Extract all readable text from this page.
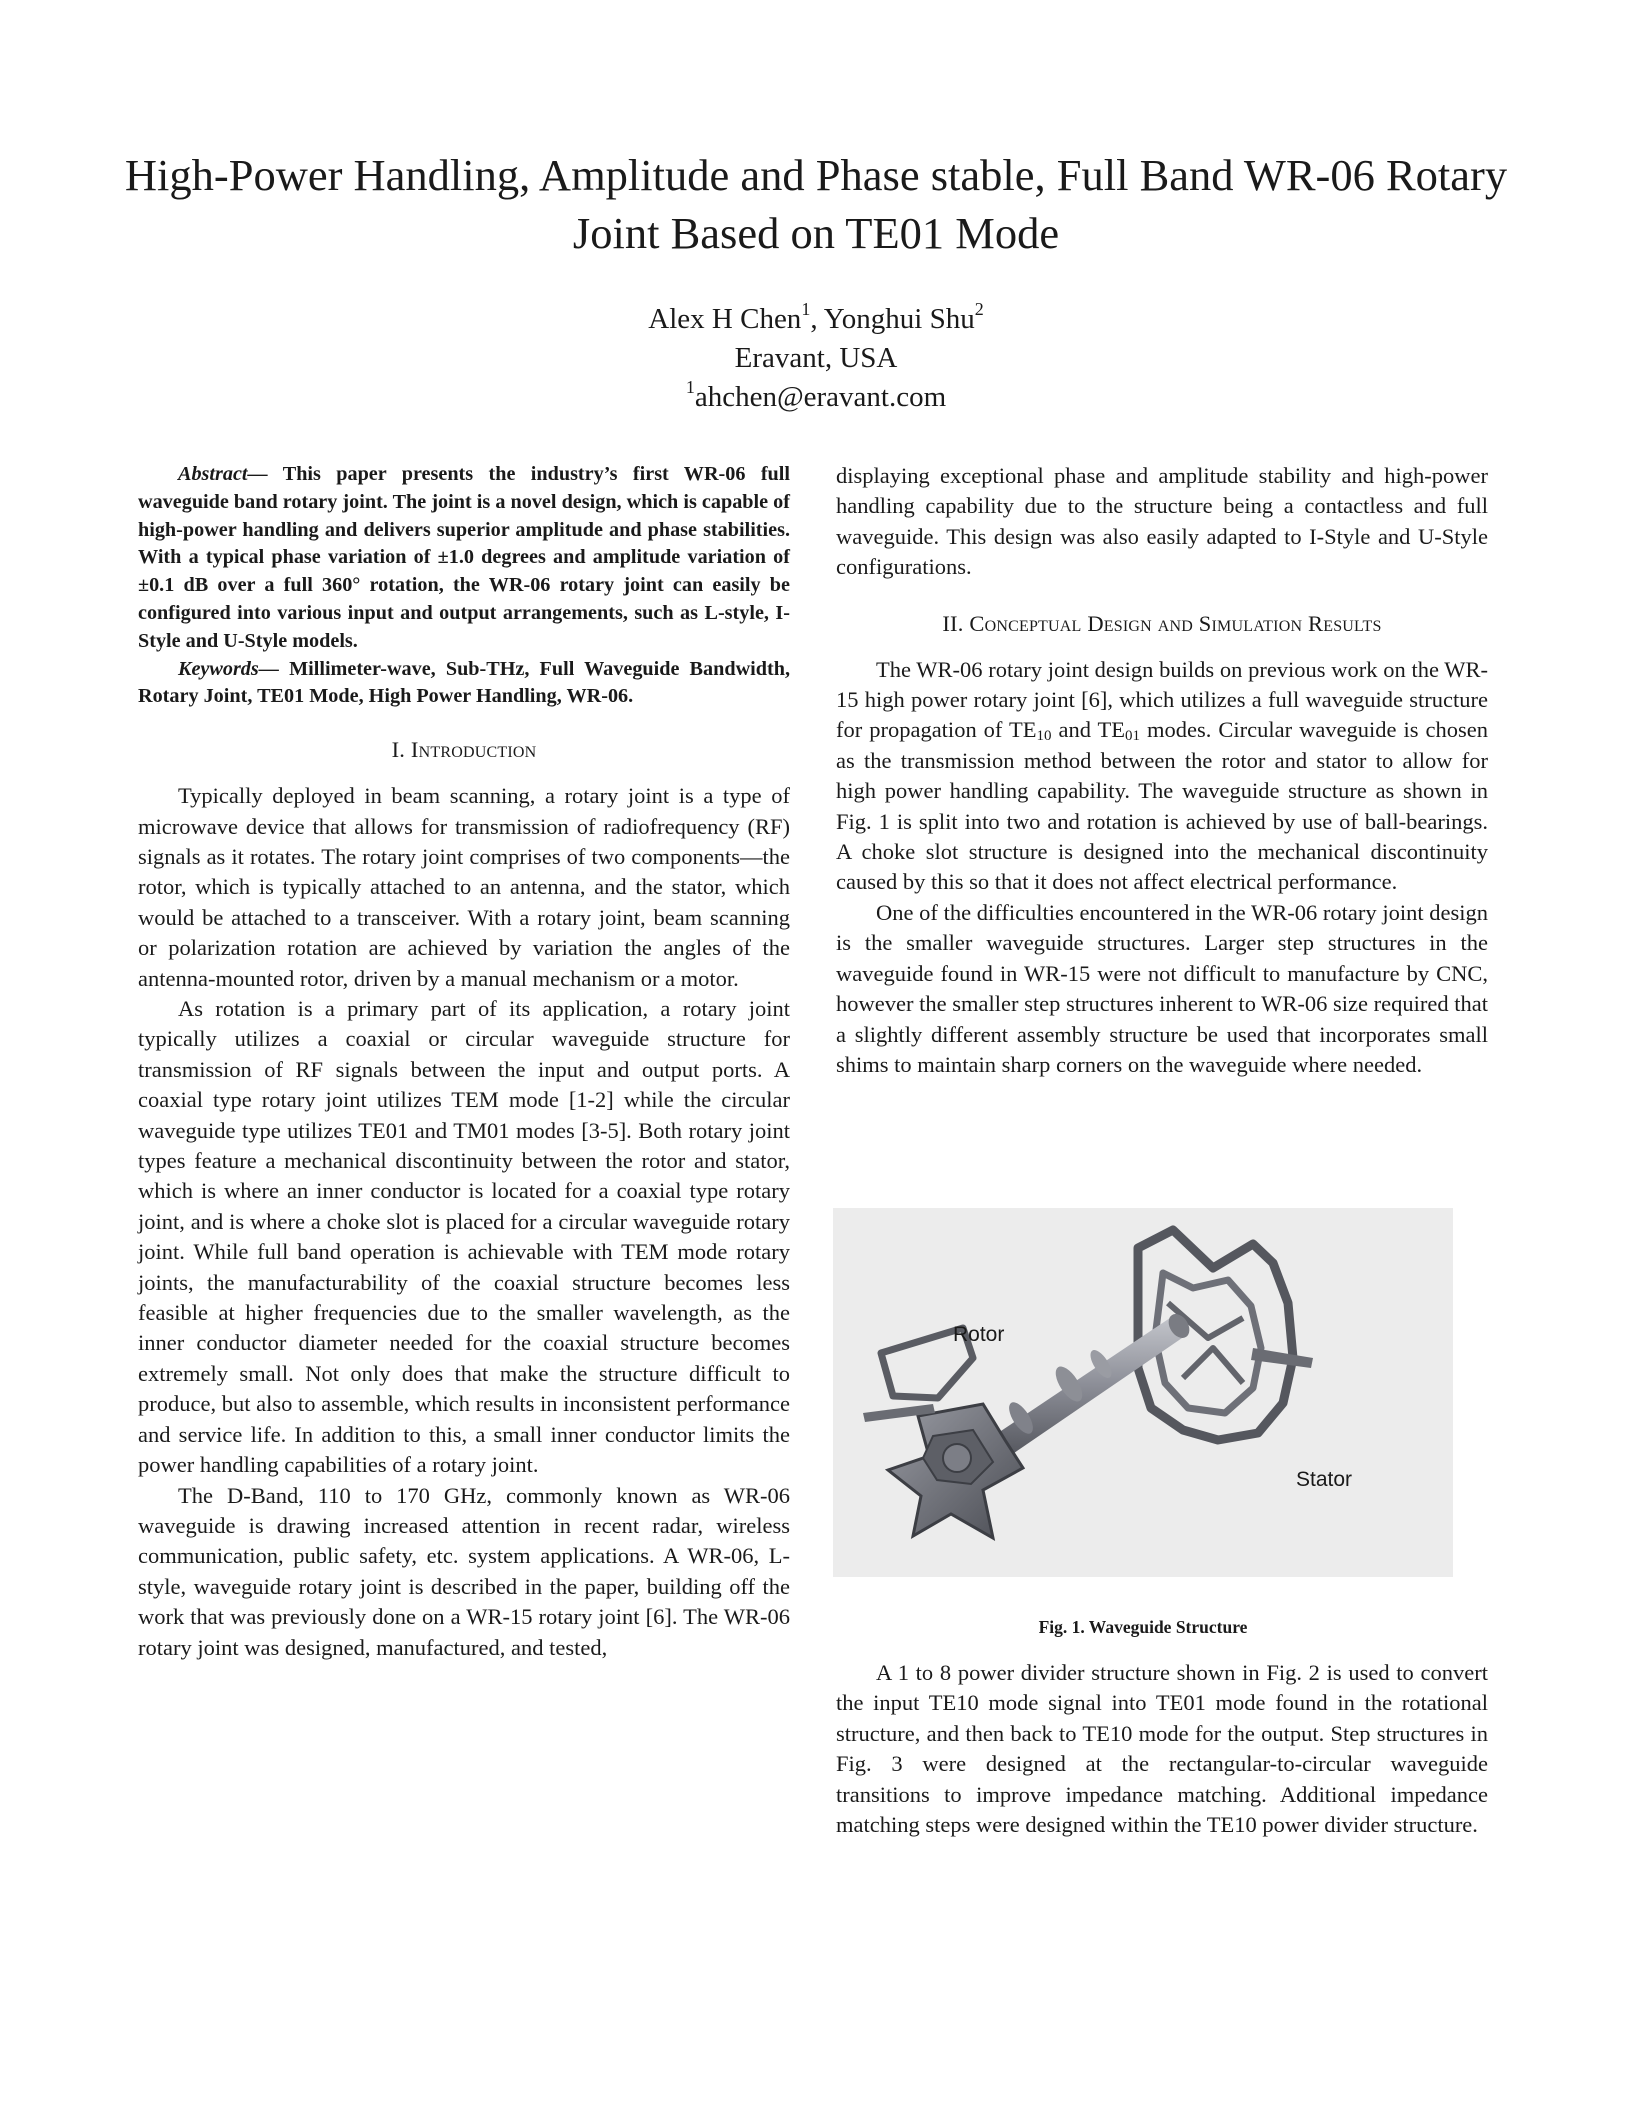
High-Power Handling, Amplitude and Phase stable, Full Band WR-06 Rotary Joint Based on TE01 Mode
Alex H Chen$^1$, Yonghui Shu$^2$
Eravant, USA
$^1$ahchen@eravant.com

Abstract— This paper presents the industry’s first WR-06 full waveguide band rotary joint. The joint is a novel design, which is capable of high-power handling and delivers superior amplitude and phase stabilities. With a typical phase variation of ±1.0 degrees and amplitude variation of ±0.1 dB over a full 360° rotation, the WR-06 rotary joint can easily be configured into various input and output arrangements, such as L-style, I-Style and U-Style models.

Keywords— Millimeter-wave, Sub-THz, Full Waveguide Bandwidth, Rotary Joint, TE01 Mode, High Power Handling, WR-06.

I. Introduction

Typically deployed in beam scanning, a rotary joint is a type of microwave device that allows for transmission of radiofrequency (RF) signals as it rotates. The rotary joint comprises of two components—the rotor, which is typically attached to an antenna, and the stator, which would be attached to a transceiver. With a rotary joint, beam scanning or polarization rotation are achieved by variation the angles of the antenna-mounted rotor, driven by a manual mechanism or a motor.

As rotation is a primary part of its application, a rotary joint typically utilizes a coaxial or circular waveguide structure for transmission of RF signals between the input and output ports. A coaxial type rotary joint utilizes TEM mode [1-2] while the circular waveguide type utilizes TE01 and TM01 modes [3-5]. Both rotary joint types feature a mechanical discontinuity between the rotor and stator, which is where an inner conductor is located for a coaxial type rotary joint, and is where a choke slot is placed for a circular waveguide rotary joint. While full band operation is achievable with TEM mode rotary joints, the manufacturability of the coaxial structure becomes less feasible at higher frequencies due to the smaller wavelength, as the inner conductor diameter needed for the coaxial structure becomes extremely small. Not only does that make the structure difficult to produce, but also to assemble, which results in inconsistent performance and service life. In addition to this, a small inner conductor limits the power handling capabilities of a rotary joint.

The D-Band, 110 to 170 GHz, commonly known as WR-06 waveguide is drawing increased attention in recent radar, wireless communication, public safety, etc. system applications. A WR-06, L-style, waveguide rotary joint is described in the paper, building off the work that was previously done on a WR-15 rotary joint [6]. The WR-06 rotary joint was designed, manufactured, and tested,

displaying exceptional phase and amplitude stability and high-power handling capability due to the structure being a contactless and full waveguide. This design was also easily adapted to I-Style and U-Style configurations.

II. Conceptual Design and Simulation Results

The WR-06 rotary joint design builds on previous work on the WR-15 high power rotary joint [6], which utilizes a full waveguide structure for propagation of $TE_{10}$ and $TE_{01}$ modes. Circular waveguide is chosen as the transmission method between the rotor and stator to allow for high power handling capability. The waveguide structure as shown in Fig. 1 is split into two and rotation is achieved by use of ball-bearings. A choke slot structure is designed into the mechanical discontinuity caused by this so that it does not affect electrical performance.

One of the difficulties encountered in the WR-06 rotary joint design is the smaller waveguide structures. Larger step structures in the waveguide found in WR-15 were not difficult to manufacture by CNC, however the smaller step structures inherent to WR-06 size required that a slightly different assembly structure be used that incorporates small shims to maintain sharp corners on the waveguide where needed.

Rotor
Stator
Fig. 1. Waveguide Structure

A 1 to 8 power divider structure shown in Fig. 2 is used to convert the input TE10 mode signal into TE01 mode found in the rotational structure, and then back to TE10 mode for the output. Step structures in Fig. 3 were designed at the rectangular-to-circular waveguide transitions to improve impedance matching. Additional impedance matching steps were designed within the TE10 power divider structure.
